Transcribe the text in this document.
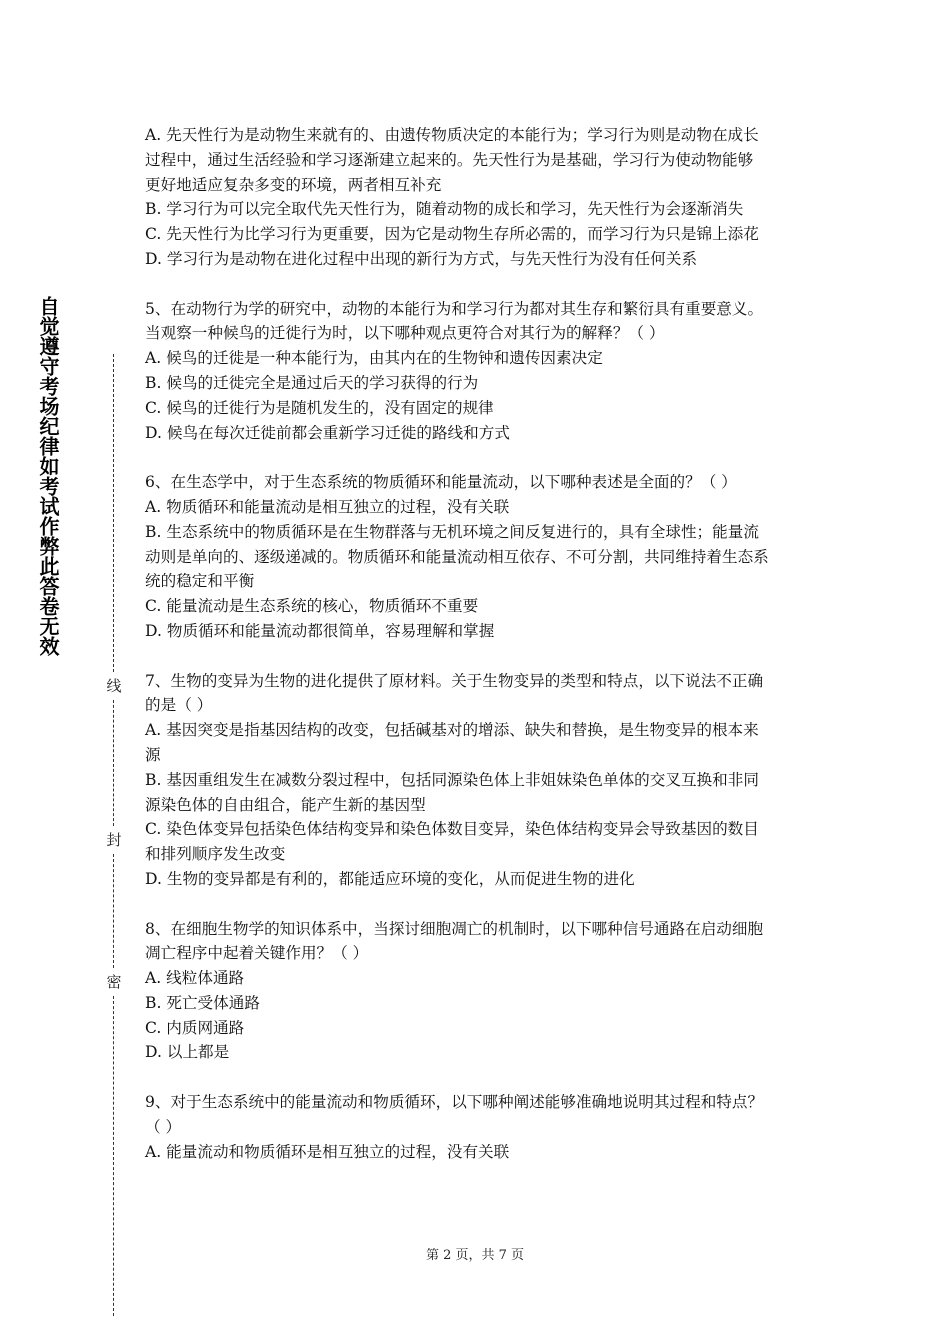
自觉遵守考场纪律如考试作弊此答卷无效
线
封
密
A. 先天性行为是动物生来就有的、由遗传物质决定的本能行为；学习行为则是动物在成长
过程中，通过生活经验和学习逐渐建立起来的。先天性行为是基础，学习行为使动物能够
更好地适应复杂多变的环境，两者相互补充
B. 学习行为可以完全取代先天性行为，随着动物的成长和学习，先天性行为会逐渐消失
C. 先天性行为比学习行为更重要，因为它是动物生存所必需的，而学习行为只是锦上添花
D. 学习行为是动物在进化过程中出现的新行为方式，与先天性行为没有任何关系
5、在动物行为学的研究中，动物的本能行为和学习行为都对其生存和繁衍具有重要意义。
当观察一种候鸟的迁徙行为时，以下哪种观点更符合对其行为的解释？（ ）
A. 候鸟的迁徙是一种本能行为，由其内在的生物钟和遗传因素决定
B. 候鸟的迁徙完全是通过后天的学习获得的行为
C. 候鸟的迁徙行为是随机发生的，没有固定的规律
D. 候鸟在每次迁徙前都会重新学习迁徙的路线和方式
6、在生态学中，对于生态系统的物质循环和能量流动，以下哪种表述是全面的？（ ）
A. 物质循环和能量流动是相互独立的过程，没有关联
B. 生态系统中的物质循环是在生物群落与无机环境之间反复进行的，具有全球性；能量流
动则是单向的、逐级递减的。物质循环和能量流动相互依存、不可分割，共同维持着生态系
统的稳定和平衡
C. 能量流动是生态系统的核心，物质循环不重要
D. 物质循环和能量流动都很简单，容易理解和掌握
7、生物的变异为生物的进化提供了原材料。关于生物变异的类型和特点，以下说法不正确
的是（ ）
A. 基因突变是指基因结构的改变，包括碱基对的增添、缺失和替换，是生物变异的根本来
源
B. 基因重组发生在减数分裂过程中，包括同源染色体上非姐妹染色单体的交叉互换和非同
源染色体的自由组合，能产生新的基因型
C. 染色体变异包括染色体结构变异和染色体数目变异，染色体结构变异会导致基因的数目
和排列顺序发生改变
D. 生物的变异都是有利的，都能适应环境的变化，从而促进生物的进化
8、在细胞生物学的知识体系中，当探讨细胞凋亡的机制时，以下哪种信号通路在启动细胞
凋亡程序中起着关键作用？（ ）
A. 线粒体通路
B. 死亡受体通路
C. 内质网通路
D. 以上都是
9、对于生态系统中的能量流动和物质循环，以下哪种阐述能够准确地说明其过程和特点？
（ ）
A. 能量流动和物质循环是相互独立的过程，没有关联
第 2 页，共 7 页
